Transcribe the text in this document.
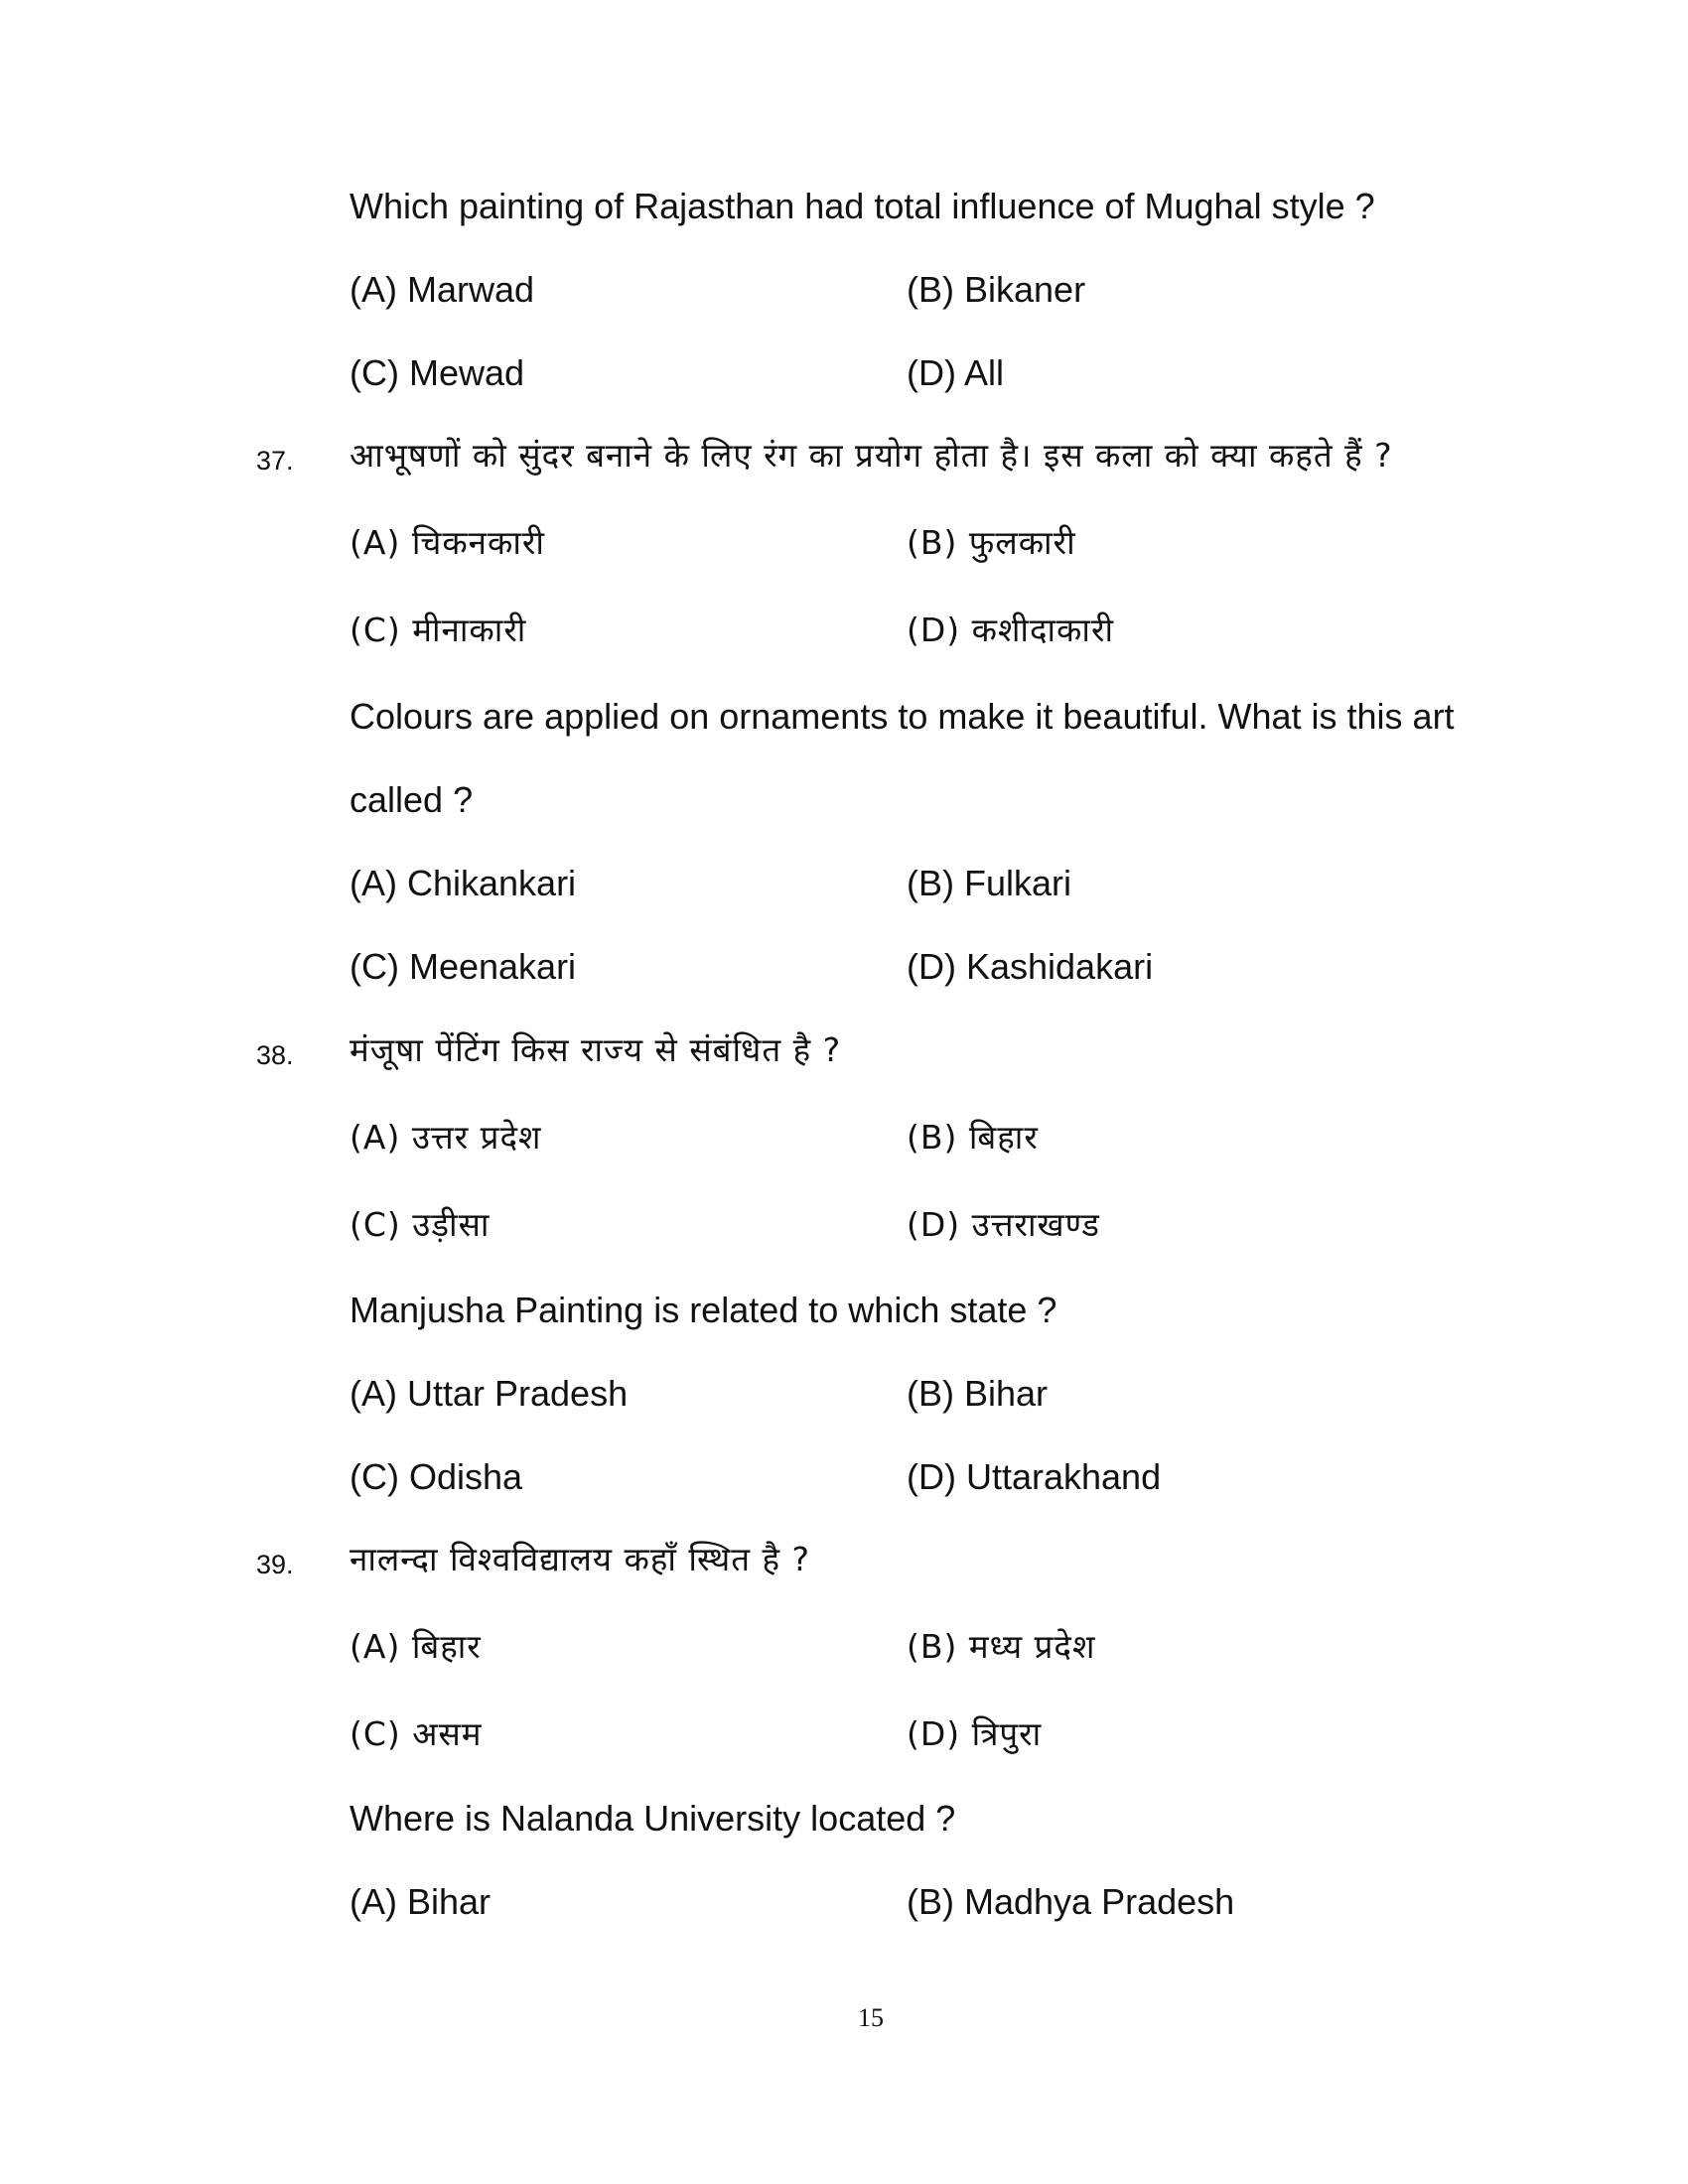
Which painting of Rajasthan had total influence of Mughal style ?
(A) Marwad	(B) Bikaner
(C) Mewad	(D) All
37. आभूषणों को सुंदर बनाने के लिए रंग का प्रयोग होता है। इस कला को क्या कहते हैं ?
(A) चिकनकारी	(B) फुलकारी
(C) मीनाकारी	(D) कशीदाकारी
Colours are applied on ornaments to make it beautiful. What is this art
called ?
(A) Chikankari	(B) Fulkari
(C) Meenakari	(D) Kashidakari
38. मंजूषा पेंटिंग किस राज्य से संबंधित है ?
(A) उत्तर प्रदेश	(B) बिहार
(C) उड़ीसा	(D) उत्तराखण्ड
Manjusha Painting is related to which state ?
(A) Uttar Pradesh	(B) Bihar
(C) Odisha	(D) Uttarakhand
39. नालन्दा विश्वविद्यालय कहाँ स्थित है ?
(A) बिहार	(B) मध्य प्रदेश
(C) असम	(D) त्रिपुरा
Where is Nalanda University located ?
(A) Bihar	(B) Madhya Pradesh
15
